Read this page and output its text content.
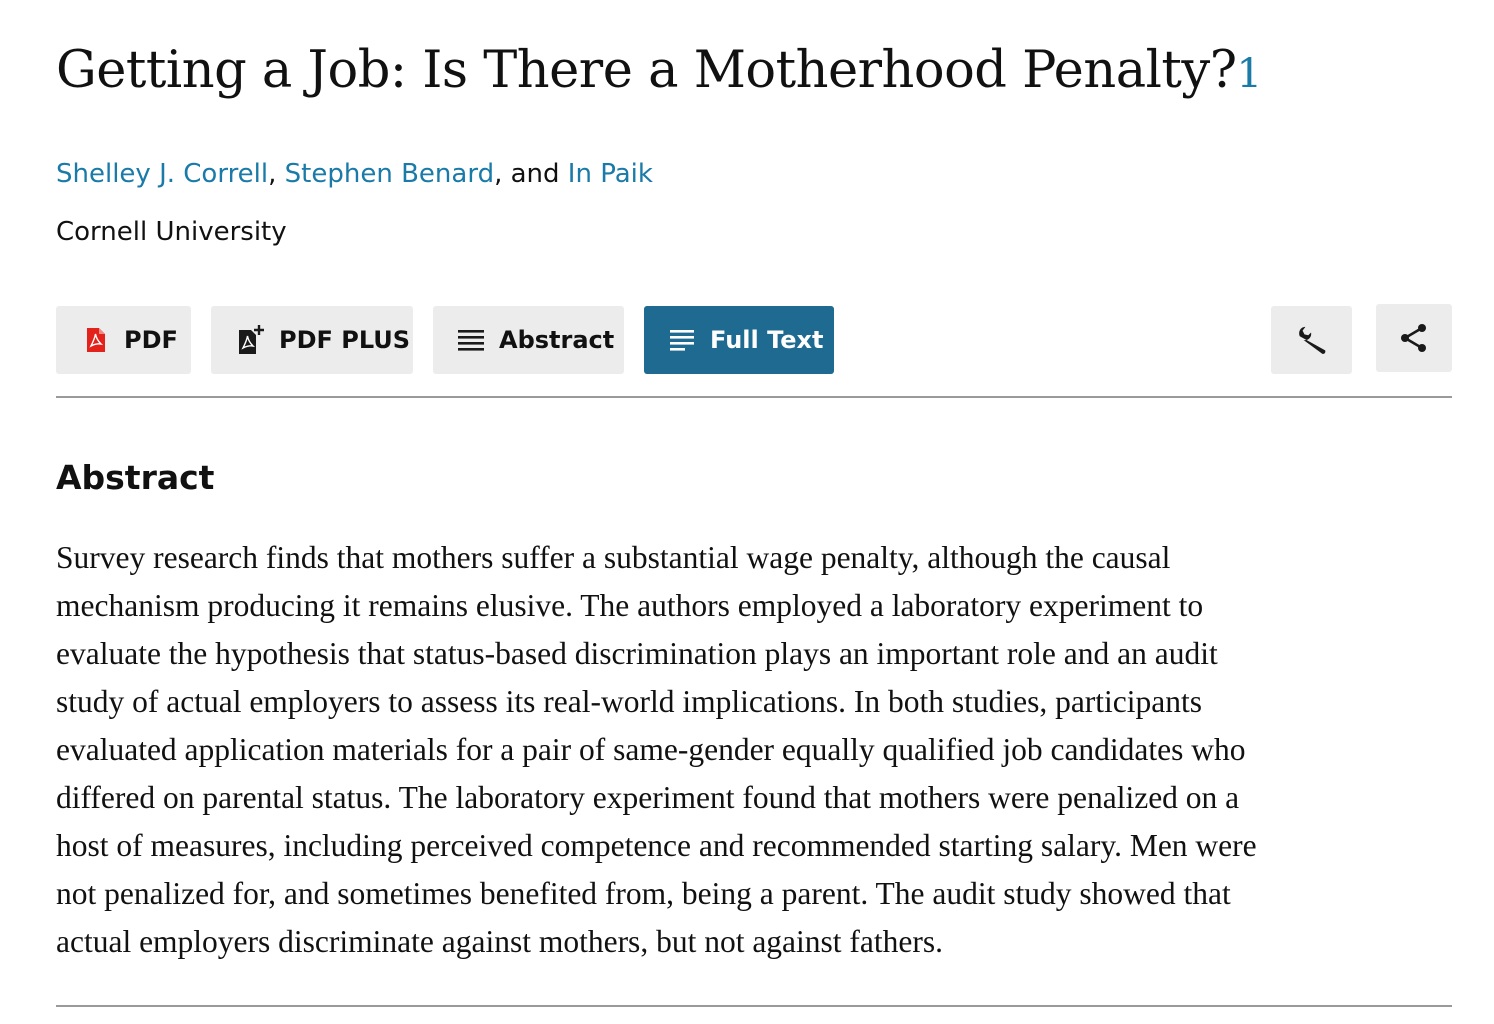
Getting a Job: Is There a Motherhood Penalty?1
Shelley J. Correll, Stephen Benard, and In Paik
Cornell University
PDF	PDF PLUS	Abstract	Full Text
Abstract

Survey research finds that mothers suffer a substantial wage penalty, although the causal
mechanism producing it remains elusive. The authors employed a laboratory experiment to
evaluate the hypothesis that status-based discrimination plays an important role and an audit
study of actual employers to assess its real-world implications. In both studies, participants
evaluated application materials for a pair of same-gender equally qualified job candidates who
differed on parental status. The laboratory experiment found that mothers were penalized on a
host of measures, including perceived competence and recommended starting salary. Men were
not penalized for, and sometimes benefited from, being a parent. The audit study showed that
actual employers discriminate against mothers, but not against fathers.
